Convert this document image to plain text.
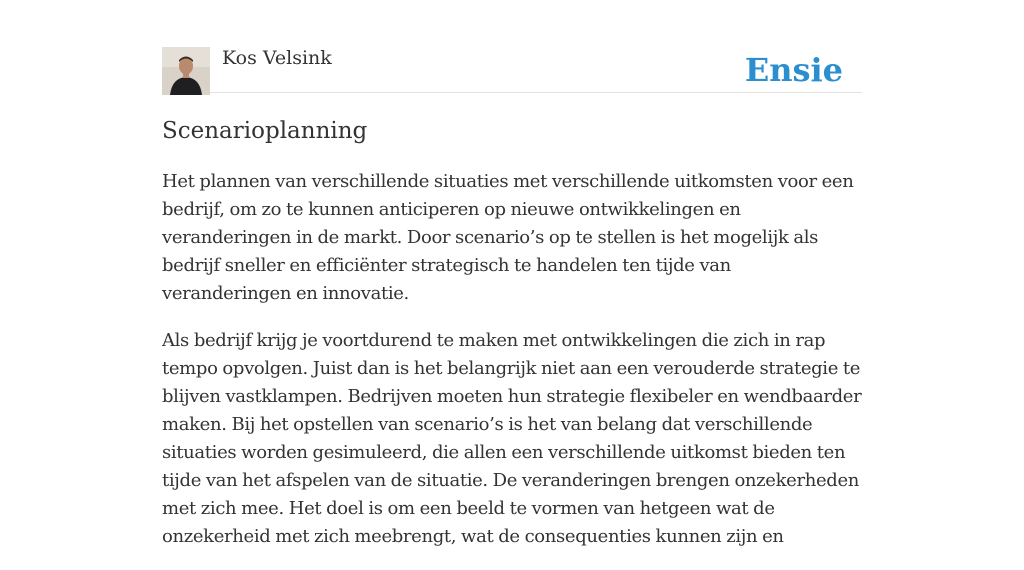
Kos Velsink	Ensie
Scenarioplanning

Het plannen van verschillende situaties met verschillende uitkomsten voor een bedrijf, om zo te kunnen anticiperen op nieuwe ontwikkelingen en veranderingen in de markt. Door scenario’s op te stellen is het mogelijk als bedrijf sneller en efficiënter strategisch te handelen ten tijde van veranderingen en innovatie.

Als bedrijf krijg je voortdurend te maken met ontwikkelingen die zich in rap tempo opvolgen. Juist dan is het belangrijk niet aan een verouderde strategie te blijven vastklampen. Bedrijven moeten hun strategie flexibeler en wendbaarder maken. Bij het opstellen van scenario’s is het van belang dat verschillende situaties worden gesimuleerd, die allen een verschillende uitkomst bieden ten tijde van het afspelen van de situatie. De veranderingen brengen onzekerheden met zich mee. Het doel is om een beeld te vormen van hetgeen wat de onzekerheid met zich meebrengt, wat de consequenties kunnen zijn en
